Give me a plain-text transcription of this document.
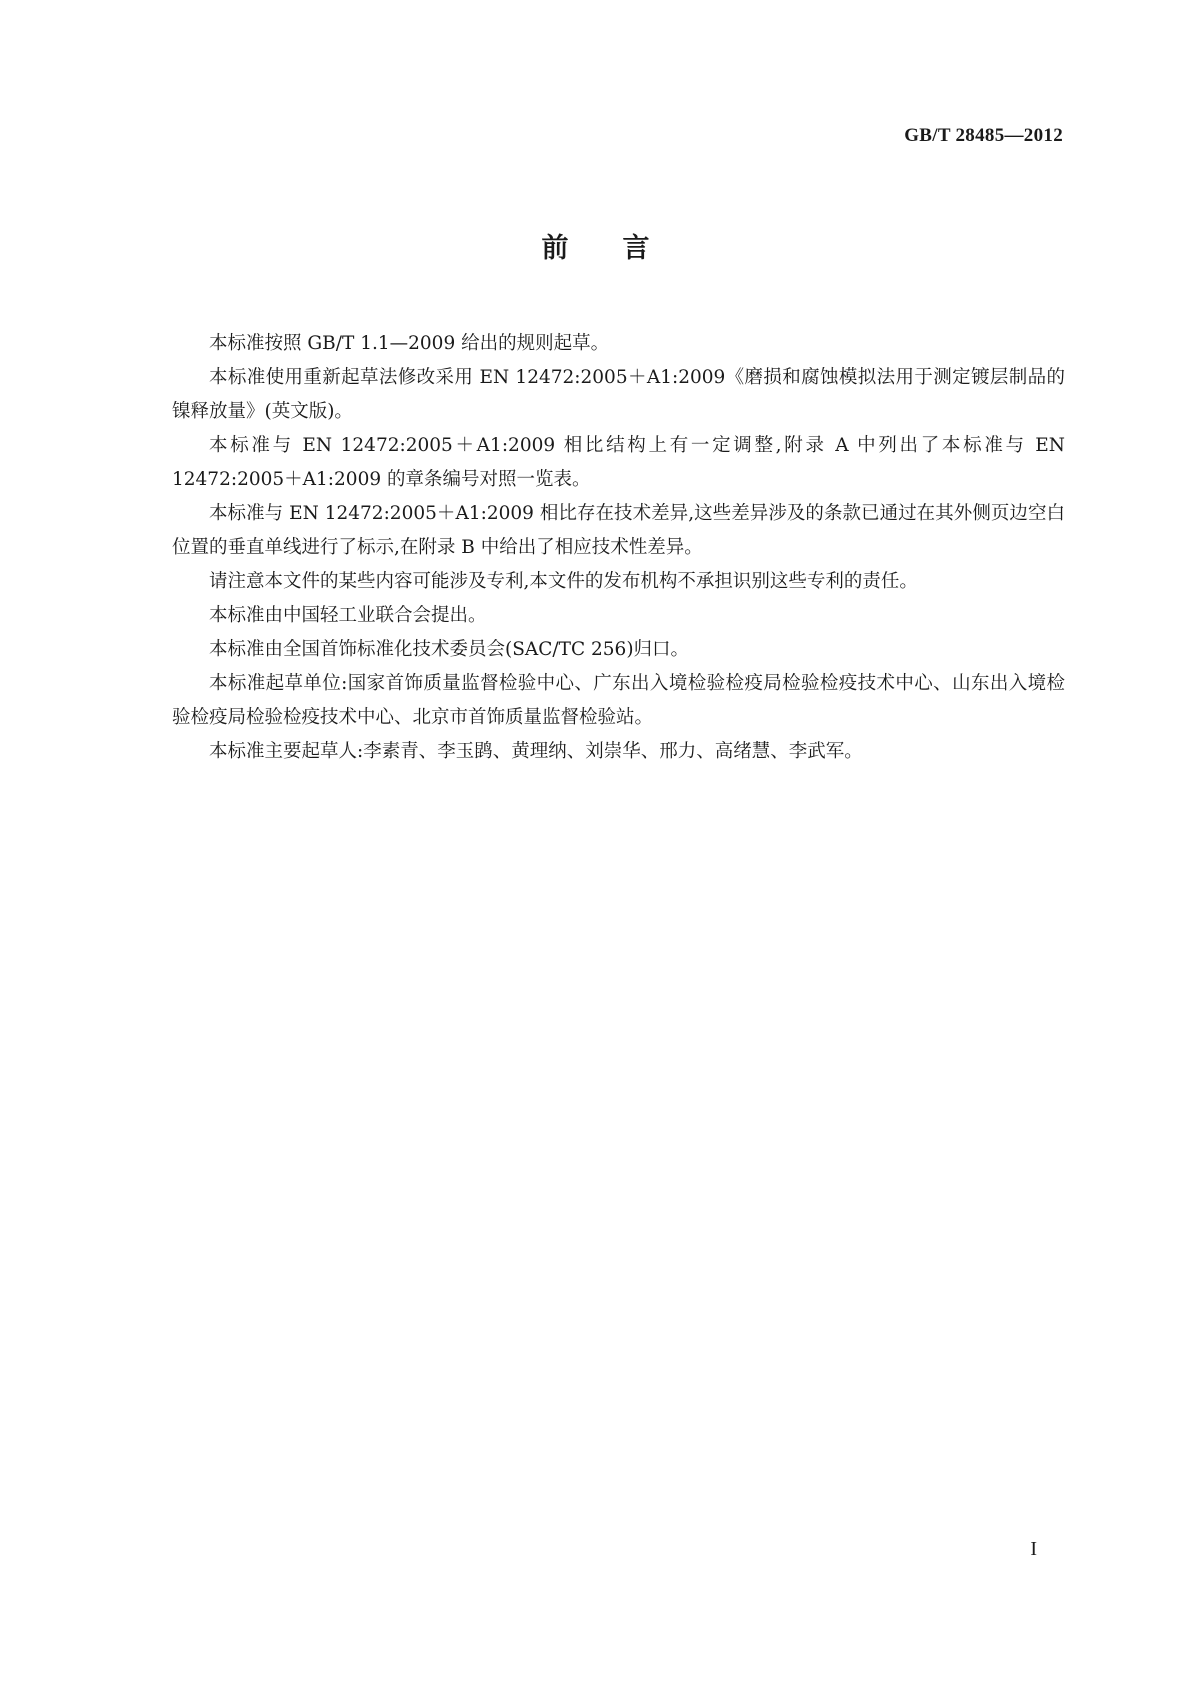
GB/T 28485—2012
前言

本标准按照 GB/T 1.1—2009 给出的规则起草。

本标准使用重新起草法修改采用 EN 12472:2005＋A1:2009《磨损和腐蚀模拟法用于测定镀层制品的镍释放量》(英文版)。

本标准与 EN 12472:2005＋A1:2009 相比结构上有一定调整,附录 A 中列出了本标准与 EN 12472:2005＋A1:2009 的章条编号对照一览表。

本标准与 EN 12472:2005＋A1:2009 相比存在技术差异,这些差异涉及的条款已通过在其外侧页边空白位置的垂直单线进行了标示,在附录 B 中给出了相应技术性差异。

请注意本文件的某些内容可能涉及专利,本文件的发布机构不承担识别这些专利的责任。

本标准由中国轻工业联合会提出。

本标准由全国首饰标准化技术委员会(SAC/TC 256)归口。

本标准起草单位:国家首饰质量监督检验中心、广东出入境检验检疫局检验检疫技术中心、山东出入境检验检疫局检验检疫技术中心、北京市首饰质量监督检验站。

本标准主要起草人:李素青、李玉鹍、黄理纳、刘崇华、邢力、高绪慧、李武军。

I
